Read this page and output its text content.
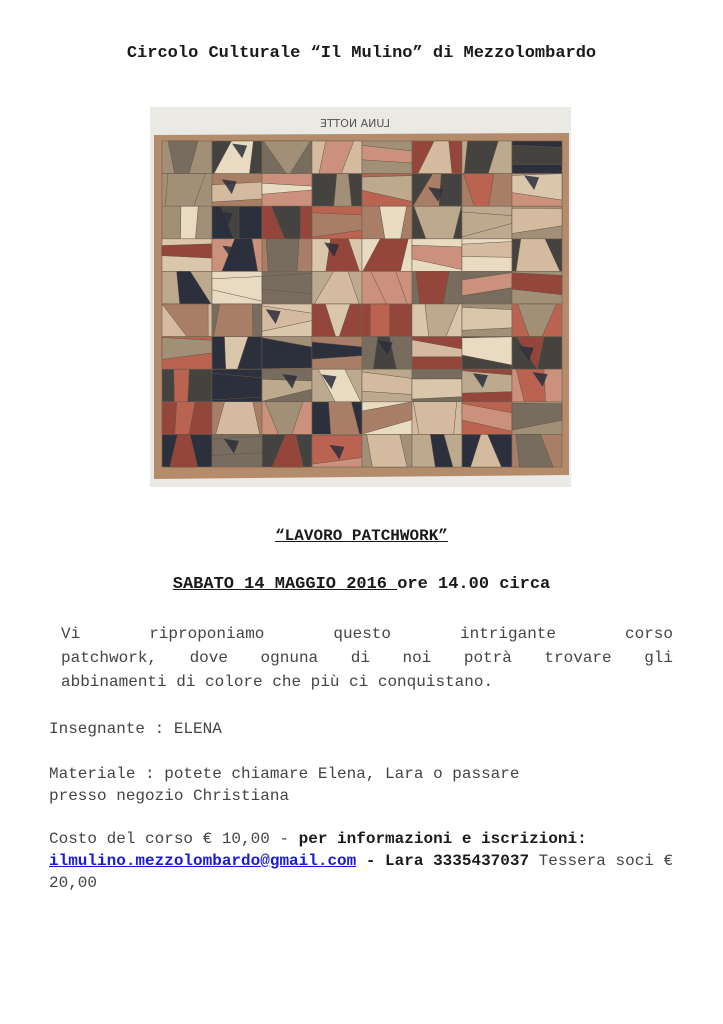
Circolo Culturale “Il Mulino” di Mezzolombardo
LUNA NOTTE
“LAVORO PATCHWORK”
SABATO 14 MAGGIO 2016 ore 14.00 circa
Vi riproponiamo questo intrigante corso
patchwork, dove ognuna di noi potrà trovare gli
abbinamenti di colore che più ci conquistano.
Insegnante : ELENA
Materiale : potete chiamare Elena, Lara o passare
presso negozio Christiana
Costo del corso € 10,00 - per informazioni e iscrizioni: ilmulino.mezzolombardo@gmail.com - Lara 3335437037 Tessera soci € 20,00
